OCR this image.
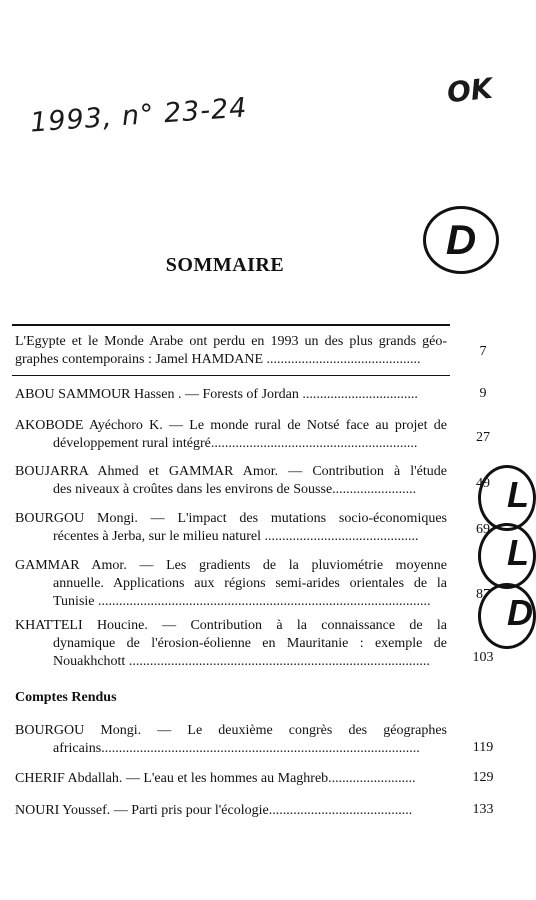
1993, n° 23-24
OK
D
SOMMAIRE
L'Egypte et le Monde Arabe ont perdu en 1993 un des plus grands géo-
graphes contemporains : Jamel HAMDANE ............................................
7
ABOU SAMMOUR Hassen . — Forests of Jordan .................................	9
AKOBODE Ayéchoro K. — Le monde rural de Notsé face au projet de
développement rural intégré...........................................................	27
BOUJARRA Ahmed et GAMMAR Amor. — Contribution à l'étude
des niveaux à croûtes dans les environs de Sousse........................	49
BOURGOU Mongi. — L'impact des mutations socio-économiques
récentes à Jerba, sur le milieu naturel ............................................	69
GAMMAR Amor. — Les gradients de la pluviométrie moyenne
annuelle. Applications aux régions semi-arides orientales de la
Tunisie ...............................................................................................	87
KHATTELI Houcine. — Contribution à la connaissance de la
dynamique de l'érosion-éolienne en Mauritanie : exemple de
Nouakhchott ......................................................................................	103
Comptes Rendus
BOURGOU Mongi. — Le deuxième congrès des géographes
africains...........................................................................................	119
CHERIF Abdallah. — L'eau et les hommes au Maghreb.........................	129
NOURI Youssef. — Parti pris pour l'écologie.........................................	133
L
L
D
